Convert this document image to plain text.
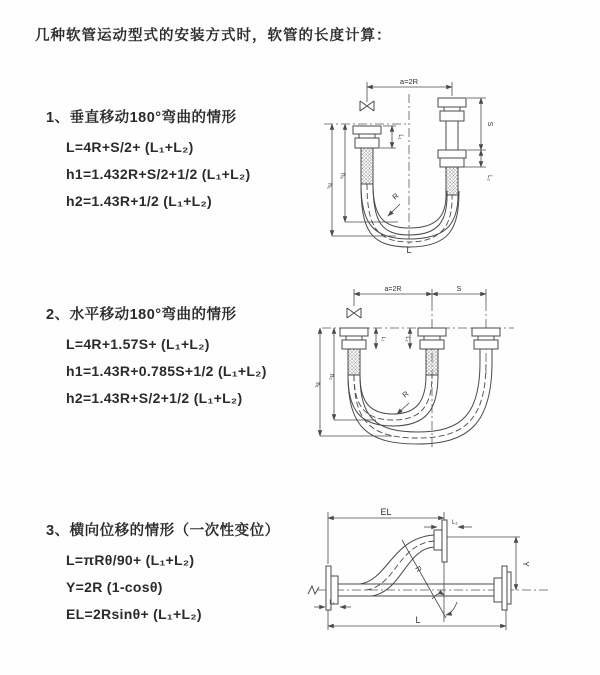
几种软管运动型式的安装方式时，软管的长度计算：
1、垂直移动180°弯曲的情形
L=4R+S/2+ (L₁+L₂)
h1=1.432R+S/2+1/2 (L₁+L₂)
h2=1.43R+1/2 (L₁+L₂)
2、水平移动180°弯曲的情形
L=4R+1.57S+ (L₁+L₂)
h1=1.43R+0.785S+1/2 (L₁+L₂)
h2=1.43R+S/2+1/2 (L₁+L₂)
3、横向位移的情形（一次性变位）
L=πRθ/90+ (L₁+L₂)
Y=2R (1-cosθ)
EL=2Rsinθ+ (L₁+L₂)
a=2R
L₁
S
L₂
R
h₂
h₁
L
a=2R	S
L₁	L₂
R
h₂
h₁
EL
L₂
Y
L
L₁
R
